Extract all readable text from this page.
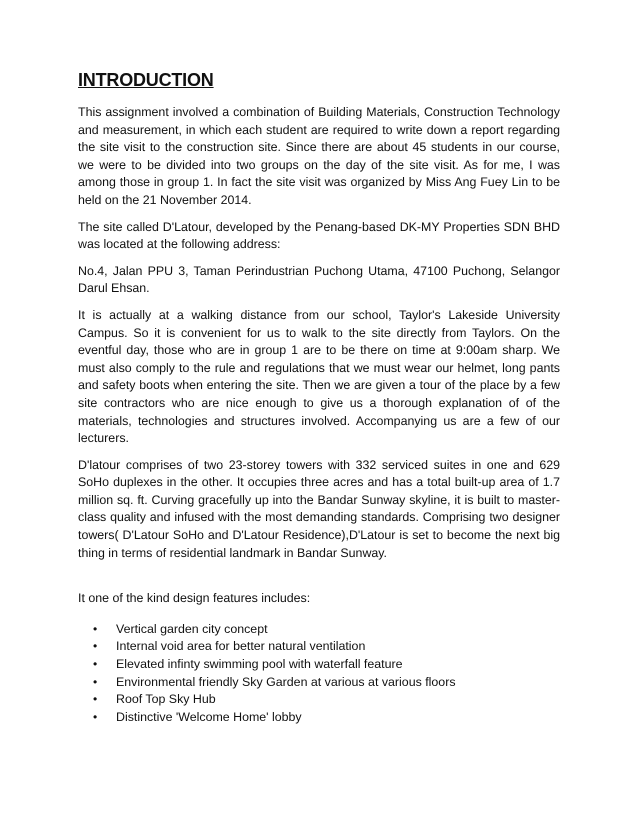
INTRODUCTION

This assignment involved a combination of Building Materials, Construction Technology and measurement, in which each student are required to write down a report regarding the site visit to the construction site. Since there are about 45 students in our course, we were to be divided into two groups on the day of the site visit. As for me, I was among those in group 1. In fact the site visit was organized by Miss Ang Fuey Lin to be held on the 21 November 2014.

The site called D'Latour, developed by the Penang-based DK-MY Properties SDN BHD was located at the following address:

No.4, Jalan PPU 3, Taman Perindustrian Puchong Utama, 47100 Puchong, Selangor Darul Ehsan.

It is actually at a walking distance from our school, Taylor's Lakeside University Campus. So it is convenient for us to walk to the site directly from Taylors. On the eventful day, those who are in group 1 are to be there on time at 9:00am sharp. We must also comply to the rule and regulations that we must wear our helmet, long pants and safety boots when entering the site. Then we are given a tour of the place by a few site contractors who are nice enough to give us a thorough explanation of of the materials, technologies and structures involved. Accompanying us are a few of our lecturers.

D'latour comprises of two 23-storey towers with 332 serviced suites in one and 629 SoHo duplexes in the other. It occupies three acres and has a total built-up area of 1.7 million sq. ft. Curving gracefully up into the Bandar Sunway skyline, it is built to master-class quality and infused with the most demanding standards. Comprising two designer towers( D'Latour SoHo and D'Latour Residence),D'Latour is set to become the next big thing in terms of residential landmark in Bandar Sunway.

It one of the kind design features includes:

• Vertical garden city concept
• Internal void area for better natural ventilation
• Elevated infinty swimming pool with waterfall feature
• Environmental friendly Sky Garden at various at various floors
• Roof Top Sky Hub
• Distinctive 'Welcome Home' lobby
